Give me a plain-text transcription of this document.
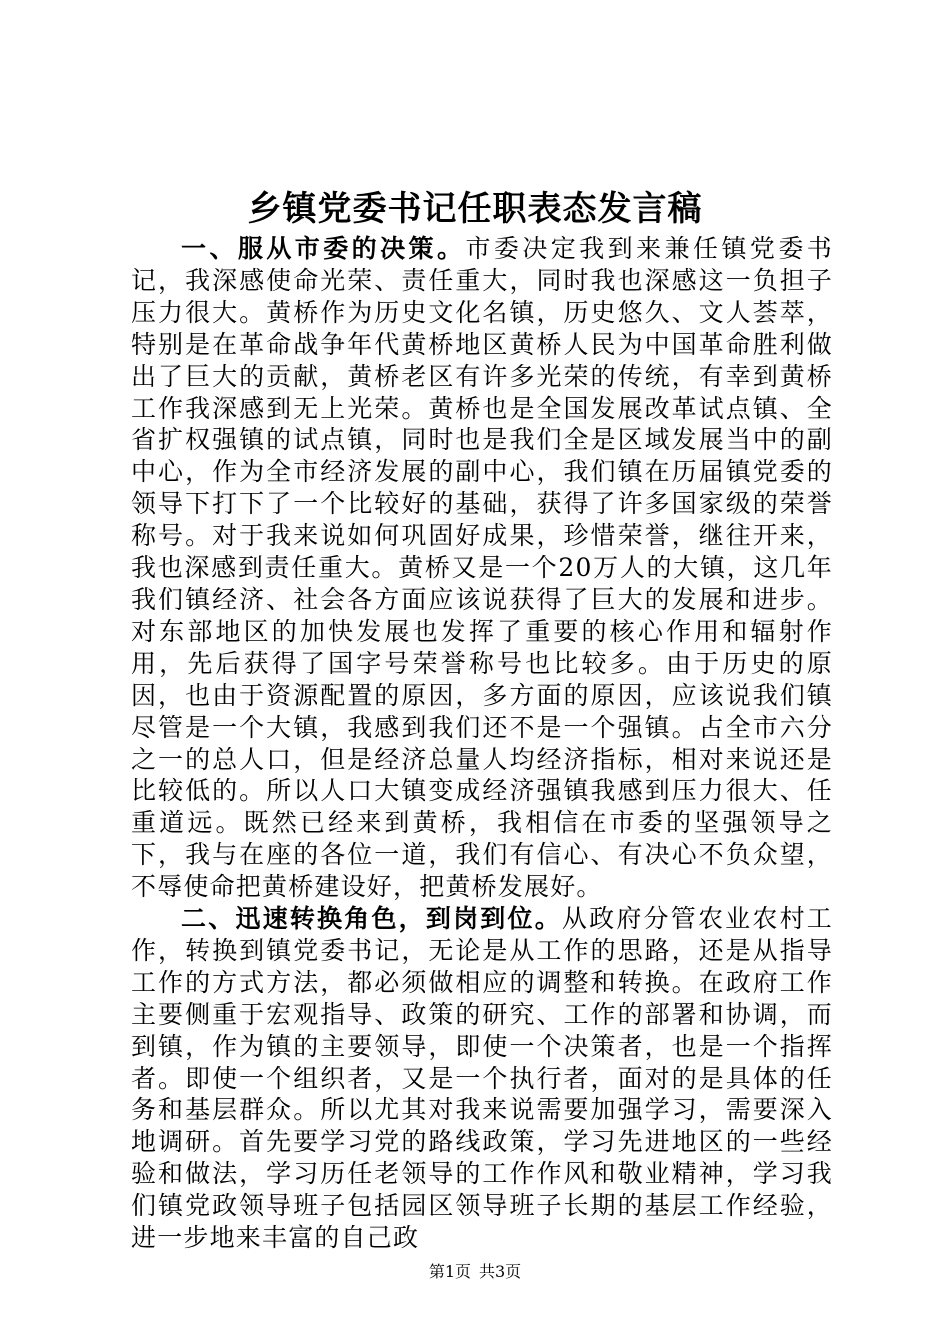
乡镇党委书记任职表态发言稿

一、服从市委的决策。市委决定我到来兼任镇党委书记，我深感使命光荣、责任重大，同时我也深感这一负担子压力很大。黄桥作为历史文化名镇，历史悠久、文人荟萃，特别是在革命战争年代黄桥地区黄桥人民为中国革命胜利做出了巨大的贡献，黄桥老区有许多光荣的传统，有幸到黄桥工作我深感到无上光荣。黄桥也是全国发展改革试点镇、全省扩权强镇的试点镇，同时也是我们全是区域发展当中的副中心，作为全市经济发展的副中心，我们镇在历届镇党委的领导下打下了一个比较好的基础，获得了许多国家级的荣誉称号。对于我来说如何巩固好成果，珍惜荣誉，继往开来，我也深感到责任重大。黄桥又是一个20万人的大镇，这几年我们镇经济、社会各方面应该说获得了巨大的发展和进步。对东部地区的加快发展也发挥了重要的核心作用和辐射作用，先后获得了国字号荣誉称号也比较多。由于历史的原因，也由于资源配置的原因，多方面的原因，应该说我们镇尽管是一个大镇，我感到我们还不是一个强镇。占全市六分之一的总人口，但是经济总量人均经济指标，相对来说还是比较低的。所以人口大镇变成经济强镇我感到压力很大、任重道远。既然已经来到黄桥，我相信在市委的坚强领导之下，我与在座的各位一道，我们有信心、有决心不负众望，不辱使命把黄桥建设好，把黄桥发展好。

二、迅速转换角色，到岗到位。从政府分管农业农村工作，转换到镇党委书记，无论是从工作的思路，还是从指导工作的方式方法，都必须做相应的调整和转换。在政府工作主要侧重于宏观指导、政策的研究、工作的部署和协调，而到镇，作为镇的主要领导，即使一个决策者，也是一个指挥者。即使一个组织者，又是一个执行者，面对的是具体的任务和基层群众。所以尤其对我来说需要加强学习，需要深入地调研。首先要学习党的路线政策，学习先进地区的一些经验和做法，学习历任老领导的工作作风和敬业精神，学习我们镇党政领导班子包括园区领导班子长期的基层工作经验，进一步地来丰富的自己政

第1页 共3页
